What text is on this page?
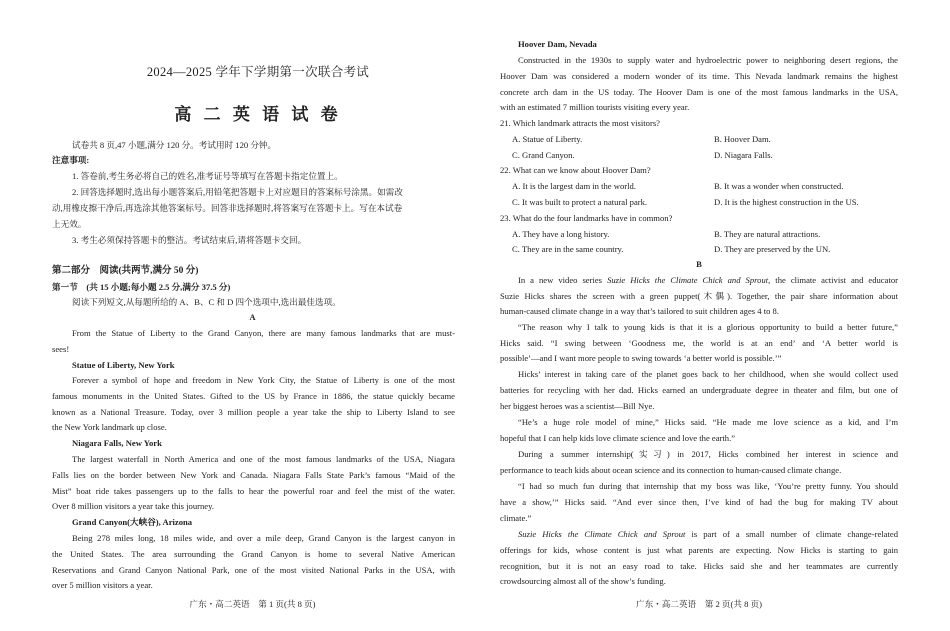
2024—2025 学年下学期第一次联合考试
高 二 英 语 试 卷
试卷共 8 页,47 小题,满分 120 分。考试用时 120 分钟。
注意事项:
1. 答卷前,考生务必将自己的姓名,准考证号等填写在答题卡指定位置上。
2. 回答选择题时,选出每小题答案后,用铅笔把答题卡上对应题目的答案标号涂黑。如需改
动,用橡皮擦干净后,再选涂其他答案标号。回答非选择题时,将答案写在答题卡上。写在本试卷
上无效。
3. 考生必须保持答题卡的整洁。考试结束后,请将答题卡交回。
第二部分　阅读(共两节,满分 50 分)
第一节　(共 15 小题;每小题 2.5 分,满分 37.5 分)
阅读下列短文,从每题所给的 A、B、C 和 D 四个选项中,选出最佳选项。
A
From the Statue of Liberty to the Grand Canyon, there are many famous landmarks that are must-
sees!
Statue of Liberty, New York
Forever a symbol of hope and freedom in New York City, the Statue of Liberty is one of the most
famous monuments in the United States. Gifted to the US by France in 1886, the statue quickly became
known as a National Treasure. Today, over 3 million people a year take the ship to Liberty Island to see
the New York landmark up close.
Niagara Falls, New York
The largest waterfall in North America and one of the most famous landmarks of the USA, Niagara
Falls lies on the border between New York and Canada. Niagara Falls State Park’s famous “Maid of the
Mist” boat ride takes passengers up to the falls to hear the powerful roar and feel the mist of the water.
Over 8 million visitors a year take this journey.
Grand Canyon(大峡谷), Arizona
Being 278 miles long, 18 miles wide, and over a mile deep, Grand Canyon is the largest canyon in
the United States. The area surrounding the Grand Canyon is home to several Native American
Reservations and Grand Canyon National Park, one of the most visited National Parks in the USA, with
over 5 million visitors a year.
广东・高二英语　第 1 页(共 8 页)
Hoover Dam, Nevada
Constructed in the 1930s to supply water and hydroelectric power to neighboring desert regions, the
Hoover Dam was considered a modern wonder of its time. This Nevada landmark remains the highest
concrete arch dam in the US today. The Hoover Dam is one of the most famous landmarks in the USA,
with an estimated 7 million tourists visiting every year.
21. Which landmark attracts the most visitors?
A. Statue of Liberty.	B. Hoover Dam.
C. Grand Canyon.	D. Niagara Falls.
22. What can we know about Hoover Dam?
A. It is the largest dam in the world.	B. It was a wonder when constructed.
C. It was built to protect a natural park.	D. It is the highest construction in the US.
23. What do the four landmarks have in common?
A. They have a long history.	B. They are natural attractions.
C. They are in the same country.	D. They are preserved by the UN.
B
In a new video series Suzie Hicks the Climate Chick and Sprout, the climate activist and educator
Suzie Hicks shares the screen with a green puppet(木偶). Together, the pair share information about
human-caused climate change in a way that’s tailored to suit children ages 4 to 8.
“The reason why I talk to young kids is that it is a glorious opportunity to build a better future,”
Hicks said. “I swing between ‘Goodness me, the world is at an end’ and ‘A better world is
possible’—and I want more people to swing towards ‘a better world is possible.’”
Hicks’ interest in taking care of the planet goes back to her childhood, when she would collect used
batteries for recycling with her dad. Hicks earned an undergraduate degree in theater and film, but one of
her biggest heroes was a scientist—Bill Nye.
“He’s a huge role model of mine,” Hicks said. “He made me love science as a kid, and I’m
hopeful that I can help kids love climate science and love the earth.”
During a summer internship(实习) in 2017, Hicks combined her interest in science and
performance to teach kids about ocean science and its connection to human-caused climate change.
“I had so much fun during that internship that my boss was like, ‘You’re pretty funny. You should
have a show,’” Hicks said. “And ever since then, I’ve kind of had the bug for making TV about
climate.”
Suzie Hicks the Climate Chick and Sprout is part of a small number of climate change-related
offerings for kids, whose content is just what parents are expecting. Now Hicks is starting to gain
recognition, but it is not an easy road to take. Hicks said she and her teammates are currently
crowdsourcing almost all of the show’s funding.
广东・高二英语　第 2 页(共 8 页)
